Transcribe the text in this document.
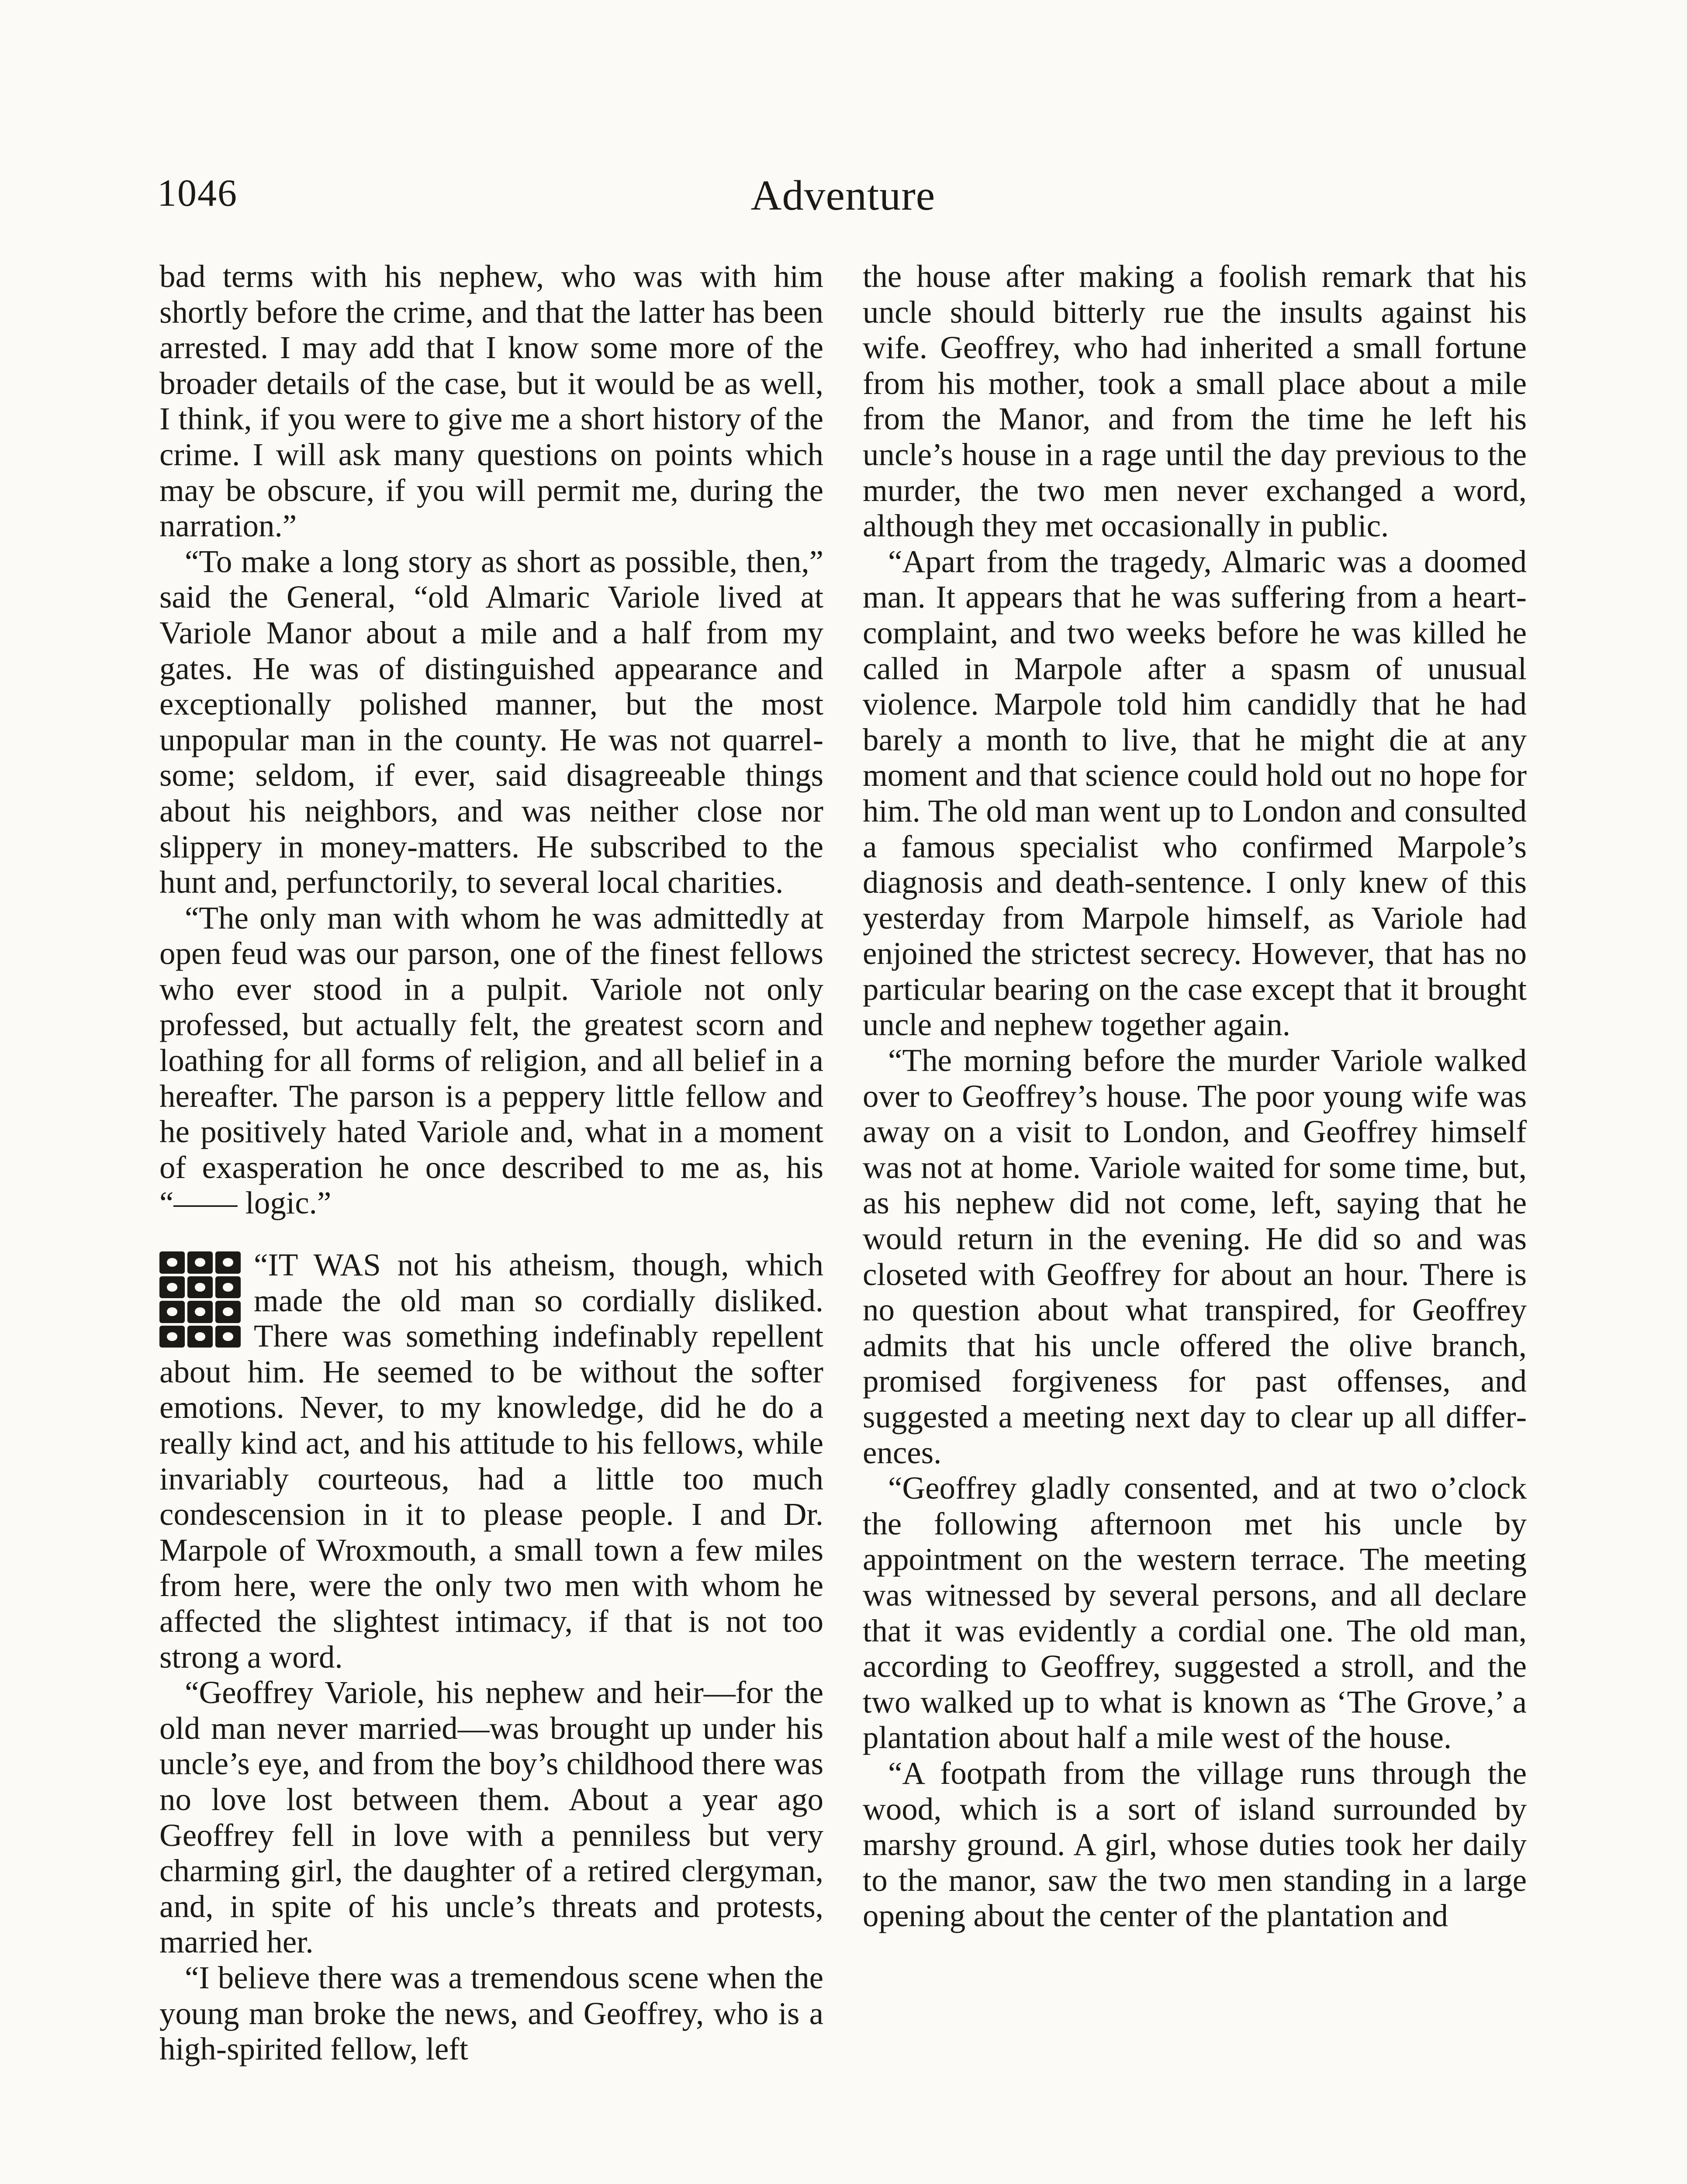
1046	Adventure

bad terms with his nephew, who was with him shortly before the crime, and that the latter has been arrested. I may add that I know some more of the broader details of the case, but it would be as well, I think, if you were to give me a short history of the crime. I will ask many questions on points which may be obscure, if you will permit me, during the narration.”

“To make a long story as short as possible, then,” said the General, “old Almaric Variole lived at Variole Manor about a mile and a half from my gates. He was of distinguished appearance and exceptionally polished manner, but the most unpopular man in the county. He was not quarrelsome; seldom, if ever, said disagreeable things about his neighbors, and was neither close nor slippery in money-matters. He subscribed to the hunt and, perfunctorily, to several local charities.

“The only man with whom he was admittedly at open feud was our parson, one of the finest fellows who ever stood in a pulpit. Variole not only professed, but actually felt, the greatest scorn and loathing for all forms of religion, and all belief in a hereafter. The parson is a peppery little fellow and he positively hated Variole and, what in a moment of exasperation he once described to me as, his “—— logic.”

“IT WAS not his atheism, though, which made the old man so cordially disliked. There was something indefinably repellent about him. He seemed to be without the softer emotions. Never, to my knowledge, did he do a really kind act, and his attitude to his fellows, while invariably courteous, had a little too much condescension in it to please people. I and Dr. Marpole of Wroxmouth, a small town a few miles from here, were the only two men with whom he affected the slightest intimacy, if that is not too strong a word.

“Geoffrey Variole, his nephew and heir—for the old man never married—was brought up under his uncle’s eye, and from the boy’s childhood there was no love lost between them. About a year ago Geoffrey fell in love with a penniless but very charming girl, the daughter of a retired clergyman, and, in spite of his uncle’s threats and protests, married her.

“I believe there was a tremendous scene when the young man broke the news, and Geoffrey, who is a high-spirited fellow, left

the house after making a foolish remark that his uncle should bitterly rue the insults against his wife. Geoffrey, who had inherited a small fortune from his mother, took a small place about a mile from the Manor, and from the time he left his uncle’s house in a rage until the day previous to the murder, the two men never exchanged a word, although they met occasionally in public.

“Apart from the tragedy, Almaric was a doomed man. It appears that he was suffering from a heart-complaint, and two weeks before he was killed he called in Marpole after a spasm of unusual violence. Marpole told him candidly that he had barely a month to live, that he might die at any moment and that science could hold out no hope for him. The old man went up to London and consulted a famous specialist who confirmed Marpole’s diagnosis and death-sentence. I only knew of this yesterday from Marpole himself, as Variole had enjoined the strictest secrecy. However, that has no particular bearing on the case except that it brought uncle and nephew together again.

“The morning before the murder Variole walked over to Geoffrey’s house. The poor young wife was away on a visit to London, and Geoffrey himself was not at home. Variole waited for some time, but, as his nephew did not come, left, saying that he would return in the evening. He did so and was closeted with Geoffrey for about an hour. There is no question about what transpired, for Geoffrey admits that his uncle offered the olive branch, promised forgiveness for past offenses, and suggested a meeting next day to clear up all differences.

“Geoffrey gladly consented, and at two o’clock the following afternoon met his uncle by appointment on the western terrace. The meeting was witnessed by several persons, and all declare that it was evidently a cordial one. The old man, according to Geoffrey, suggested a stroll, and the two walked up to what is known as ‘The Grove,’ a plantation about half a mile west of the house.

“A footpath from the village runs through the wood, which is a sort of island surrounded by marshy ground. A girl, whose duties took her daily to the manor, saw the two men standing in a large opening about the center of the plantation and
